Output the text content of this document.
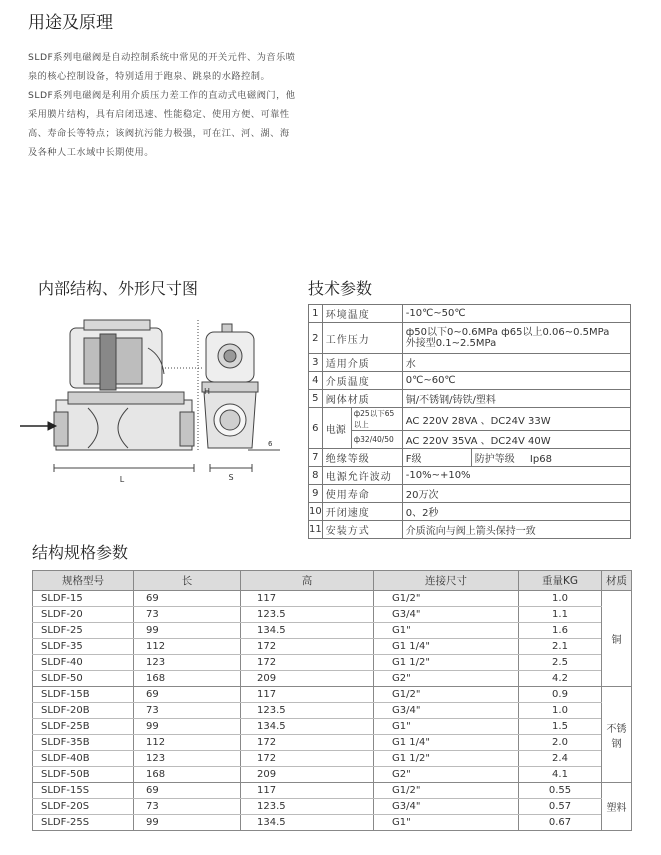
用途及原理

SLDF系列电磁阀是自动控制系统中常见的开关元件、为音乐喷泉的核心控制设备，特别适用于跑泉、跳泉的水路控制。

SLDF系列电磁阀是利用介质压力差工作的直动式电磁阀门，他采用膜片结构，具有启闭迅速、性能稳定、使用方便、可靠性高、寿命长等特点；该阀抗污能力极强，可在江、河、湖、海及各种人工水域中长期使用。

内部结构、外形尺寸图	技术参数
L
H
S
6
1	环境温度		-10℃~50℃	
2	工作压力		ф50以下0~0.6MPa ф65以上0.06~0.5MPa
外接型0.1~2.5MPa	

3	适用介质		水	
4	介质温度		0℃~60℃	
5	阀体材质		铜/不锈钢/铸铁/塑料	
6	电源	ф25以下65以上	AC 220V 28VA 、DC24V 33W	
		ф32/40/50	AC 220V 35VA 、DC24V 40W	
7	绝缘等级		F级	防护等级 Ip68
8	电源允许波动		-10%~+10%	
9	使用寿命		20万次	
10	开闭速度		0、2秒	
11	安装方式		介质流向与阀上箭头保持一致	
结构规格参数
规格型号	长	高	连接尺寸	重量KG	材质
SLDF-15	69	117	G1/2"	1.0	铜
SLDF-20	73	123.5	G3/4"	1.1	
SLDF-25	99	134.5	G1"	1.6	
SLDF-35	112	172	G1 1/4"	2.1	
SLDF-40	123	172	G1 1/2"	2.5	
SLDF-50	168	209	G2"	4.2	
SLDF-15B	69	117	G1/2"	0.9	不锈钢
SLDF-20B	73	123.5	G3/4"	1.0	
SLDF-25B	99	134.5	G1"	1.5	
SLDF-35B	112	172	G1 1/4"	2.0	
SLDF-40B	123	172	G1 1/2"	2.4	
SLDF-50B	168	209	G2"	4.1	
SLDF-15S	69	117	G1/2"	0.55	塑料
SLDF-20S	73	123.5	G3/4"	0.57	
SLDF-25S	99	134.5	G1"	0.67	
